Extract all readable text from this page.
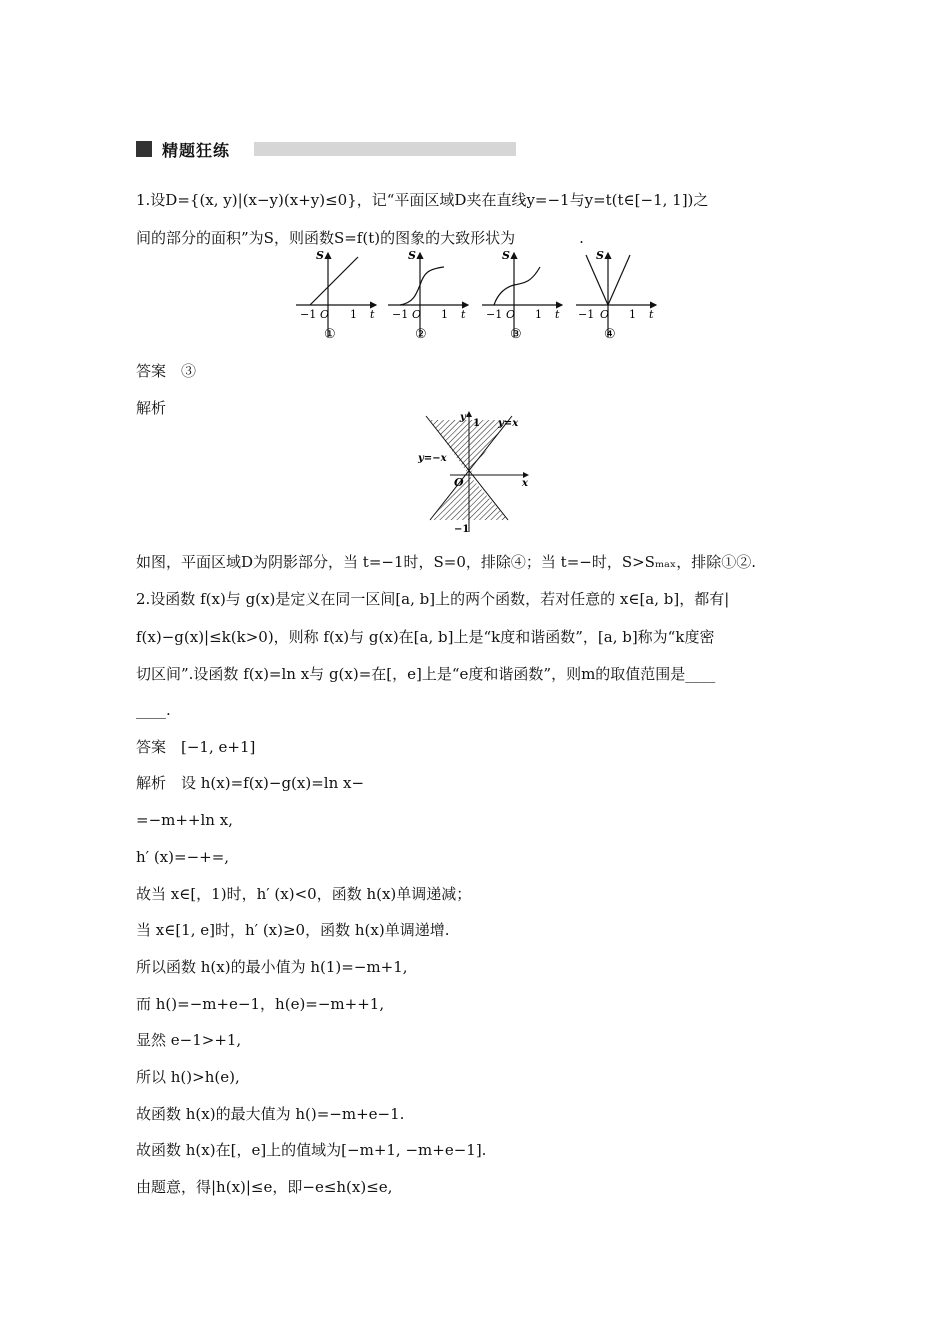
精题狂练
1.设D={(x, y)|(x−y)(x+y)≤0}，记“平面区域D夹在直线y=−1与y=t(t∈[−1, 1])之
间的部分的面积”为S，则函数S=f(t)的图象的大致形状为	.
S
−1 O 1 t
①
S
−1 O 1 t
②
S
−1 O 1 t
③
S
−1 O 1 t
④
答案　③
解析
y
1 y=x
y=−x
O	x
−1
如图，平面区域D为阴影部分，当 t=−1时，S=0，排除④；当 t=−时，S>Sₘₐₓ，排除①②.
2.设函数 f(x)与 g(x)是定义在同一区间[a, b]上的两个函数，若对任意的 x∈[a, b]，都有|
f(x)−g(x)|≤k(k>0)，则称 f(x)与 g(x)在[a, b]上是“k度和谐函数”，[a, b]称为“k度密
切区间”.设函数 f(x)=ln x与 g(x)=在[，e]上是“e度和谐函数”，则m的取值范围是____
____.
答案　[−1, e+1]
解析　设 h(x)=f(x)−g(x)=ln x−
=−m++ln x,
h′ (x)=−+=,
故当 x∈[，1)时，h′ (x)<0，函数 h(x)单调递减；
当 x∈[1, e]时，h′ (x)≥0，函数 h(x)单调递增.
所以函数 h(x)的最小值为 h(1)=−m+1,
而 h()=−m+e−1，h(e)=−m++1,
显然 e−1>+1,
所以 h()>h(e),
故函数 h(x)的最大值为 h()=−m+e−1.
故函数 h(x)在[，e]上的值域为[−m+1, −m+e−1].
由题意，得|h(x)|≤e，即−e≤h(x)≤e,
